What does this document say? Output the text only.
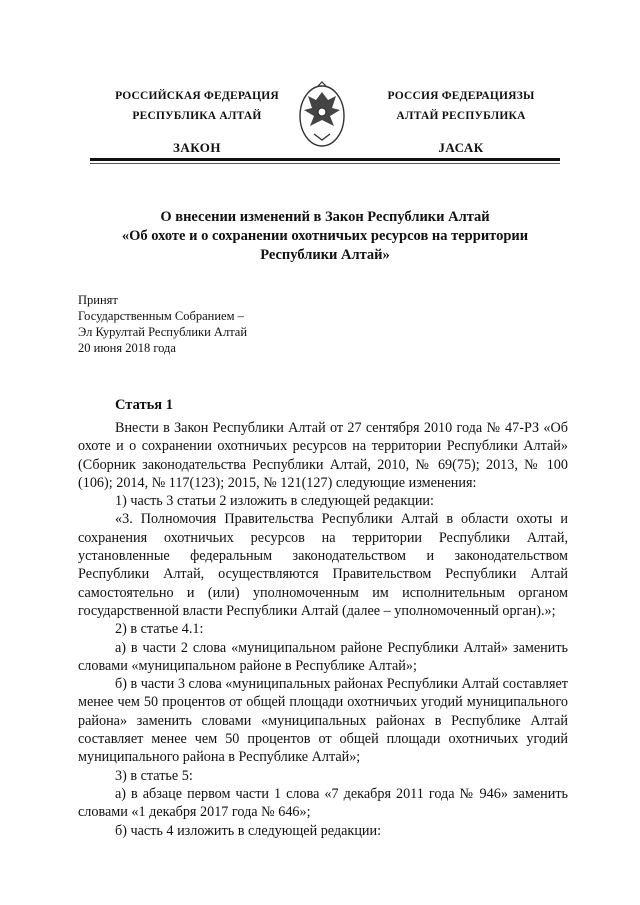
РОССИЙСКАЯ ФЕДЕРАЦИЯ
РЕСПУБЛИКА АЛТАЙ
ЗАКОН
РОССИЯ ФЕДЕРАЦИЯЗЫ
АЛТАЙ РЕСПУБЛИКА
JАСАК
О внесении изменений в Закон Республики Алтай
«Об охоте и о сохранении охотничьих ресурсов на территории
Республики Алтай»
Принят
Государственным Собранием –
Эл Курултай Республики Алтай
20 июня 2018 года
Статья 1

Внести в Закон Республики Алтай от 27 сентября 2010 года № 47-РЗ «Об охоте и о сохранении охотничьих ресурсов на территории Республики Алтай» (Сборник законодательства Республики Алтай, 2010, № 69(75); 2013, № 100 (106); 2014, № 117(123); 2015, № 121(127) следующие изменения:

1) часть 3 статьи 2 изложить в следующей редакции:

«3. Полномочия Правительства Республики Алтай в области охоты и сохранения охотничьих ресурсов на территории Республики Алтай, установленные федеральным законодательством и законодательством Республики Алтай, осуществляются Правительством Республики Алтай самостоятельно и (или) уполномоченным им исполнительным органом государственной власти Республики Алтай (далее – уполномоченный орган).»;

2) в статье 4.1:

а) в части 2 слова «муниципальном районе Республики Алтай» заменить словами «муниципальном районе в Республике Алтай»;

б) в части 3 слова «муниципальных районах Республики Алтай составляет менее чем 50 процентов от общей площади охотничьих угодий муниципального района» заменить словами «муниципальных районах в Республике Алтай составляет менее чем 50 процентов от общей площади охотничьих угодий муниципального района в Республике Алтай»;

3) в статье 5:

а) в абзаце первом части 1 слова «7 декабря 2011 года № 946» заменить словами «1 декабря 2017 года № 646»;

б) часть 4 изложить в следующей редакции:
